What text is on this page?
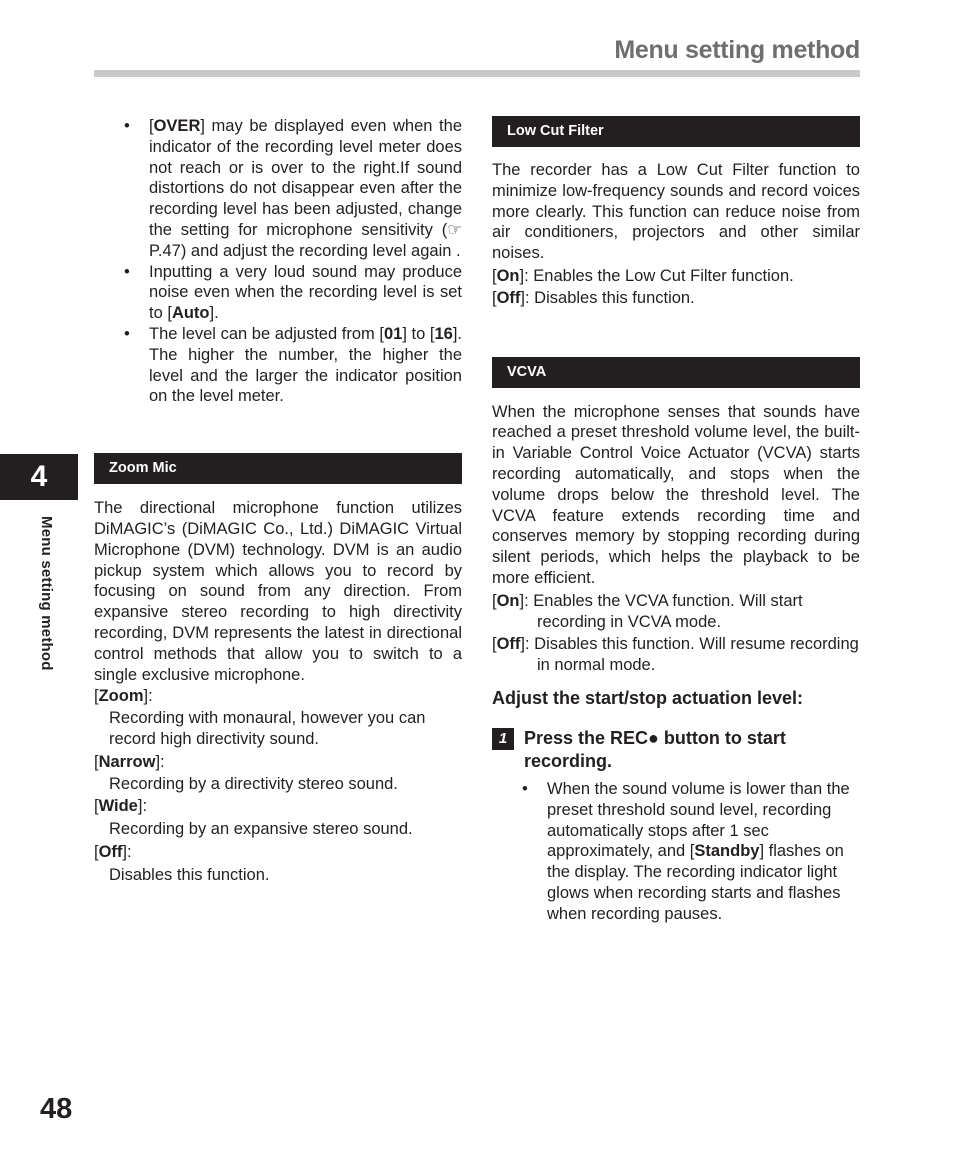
Menu setting method
4
Menu setting method
• [OVER] may be displayed even when the indicator of the recording level meter does not reach or is over to the right.If sound distortions do not disappear even after the recording level has been adjusted, change the setting for microphone sensitivity (☞ P.47) and adjust the recording level again .
• Inputting a very loud sound may produce noise even when the recording level is set to [Auto].
• The level can be adjusted from [01] to [16]. The higher the number, the higher the level and the larger the indicator position on the level meter.
Zoom Mic

The directional microphone function utilizes DiMAGIC’s (DiMAGIC Co., Ltd.) DiMAGIC Virtual Microphone (DVM) technology. DVM is an audio pickup system which allows you to record by focusing on sound from any direction. From expansive stereo recording to high directivity recording, DVM represents the latest in directional control methods that allow you to switch to a single exclusive microphone.

[Zoom]:

Recording with monaural, however you can record high directivity sound.

[Narrow]:

Recording by a directivity stereo sound.

[Wide]:

Recording by an expansive stereo sound.

[Off]:

Disables this function.

Low Cut Filter

The recorder has a Low Cut Filter function to minimize low-frequency sounds and record voices more clearly. This function can reduce noise from air conditioners, projectors and other similar noises.

[On]: Enables the Low Cut Filter function.

[Off]: Disables this function.

VCVA

When the microphone senses that sounds have reached a preset threshold volume level, the built-in Variable Control Voice Actuator (VCVA) starts recording automatically, and stops when the volume drops below the threshold level. The VCVA feature extends recording time and conserves memory by stopping recording during silent periods, which helps the playback to be more efficient.

[On]: Enables the VCVA function. Will start recording in VCVA mode.

[Off]: Disables this function. Will resume recording in normal mode.

Adjust the start/stop actuation level:

1 Press the REC● button to start recording.
• When the sound volume is lower than the preset threshold sound level, recording automatically stops after 1 sec approximately, and [Standby] flashes on the display. The recording indicator light glows when recording starts and flashes when recording pauses.
48
